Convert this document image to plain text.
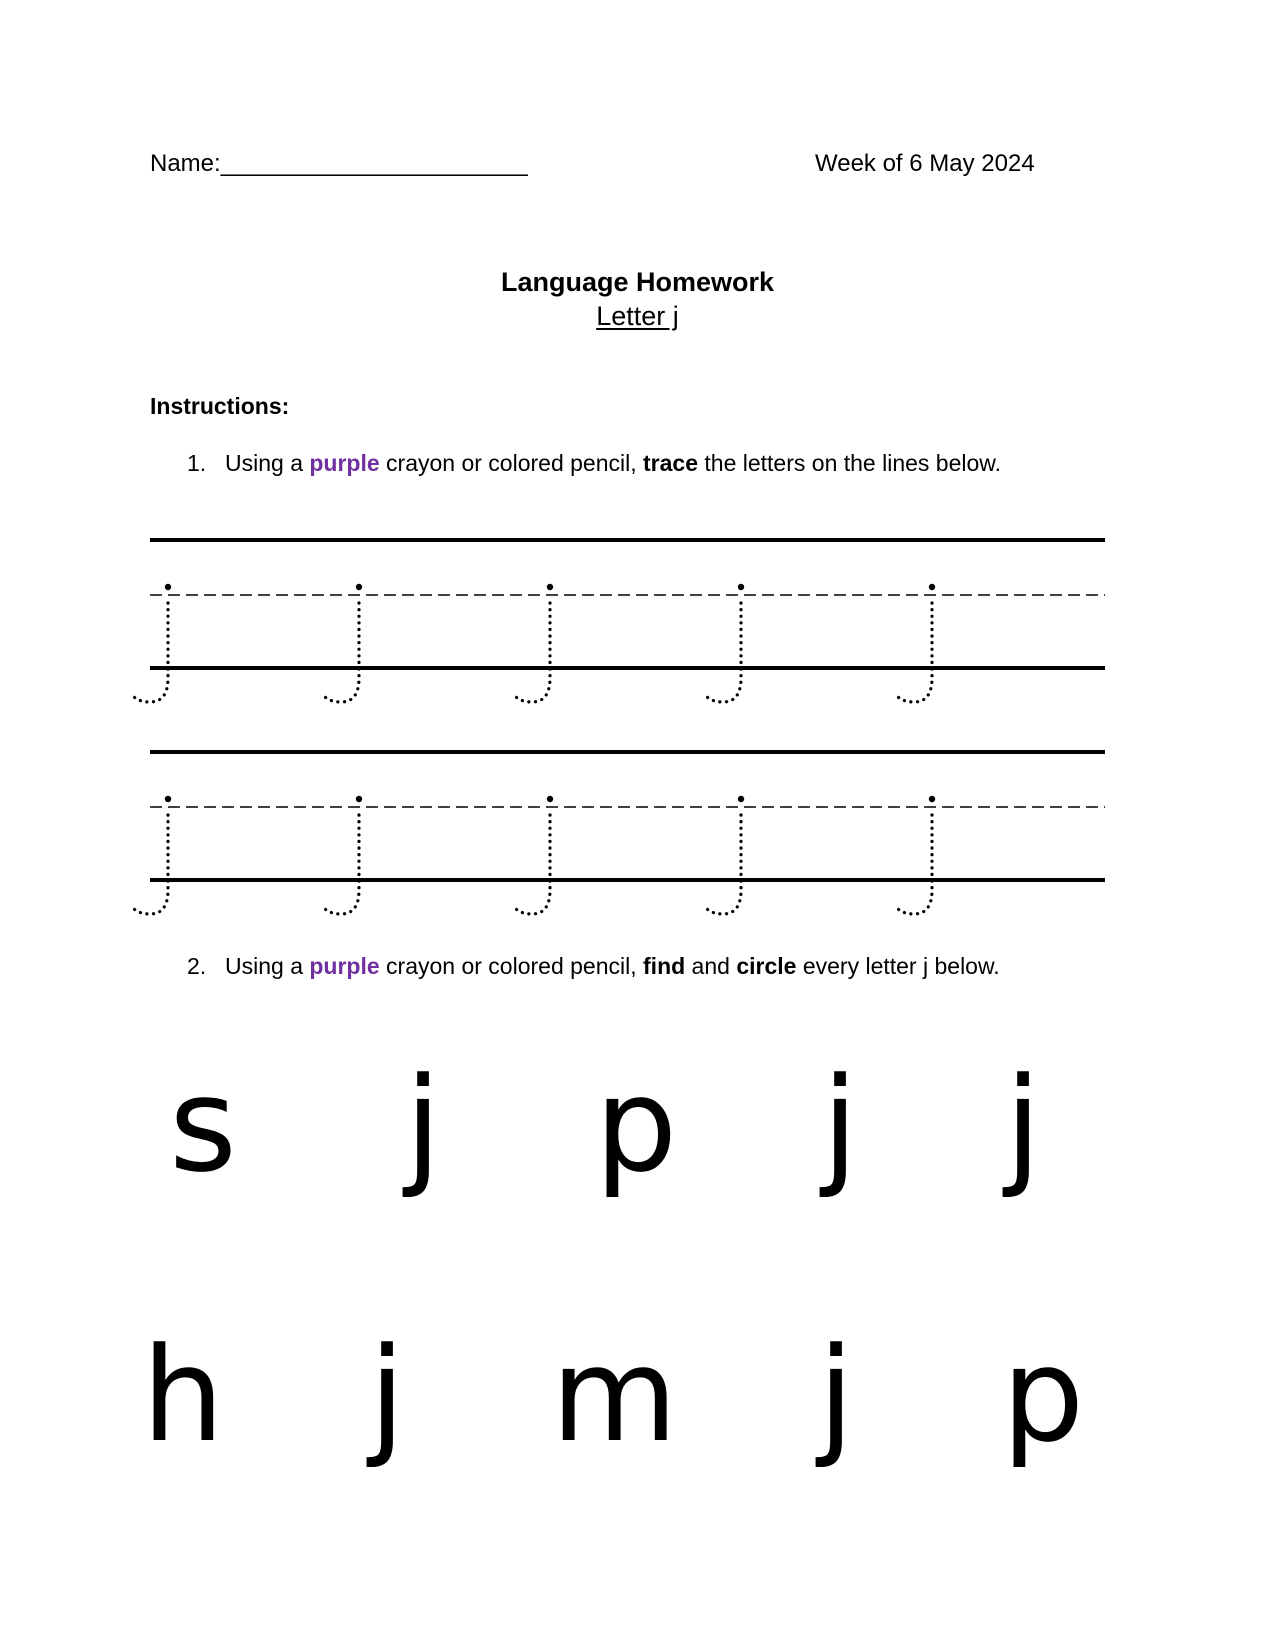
Name:_______________________	Week of 6 May 2024
Language Homework
Letter j
Instructions:
1. Using a purple crayon or colored pencil, trace the letters on the lines below.
2. Using a purple crayon or colored pencil, find and circle every letter j below.
s	j	p	j	j
h	j	m	j	p
